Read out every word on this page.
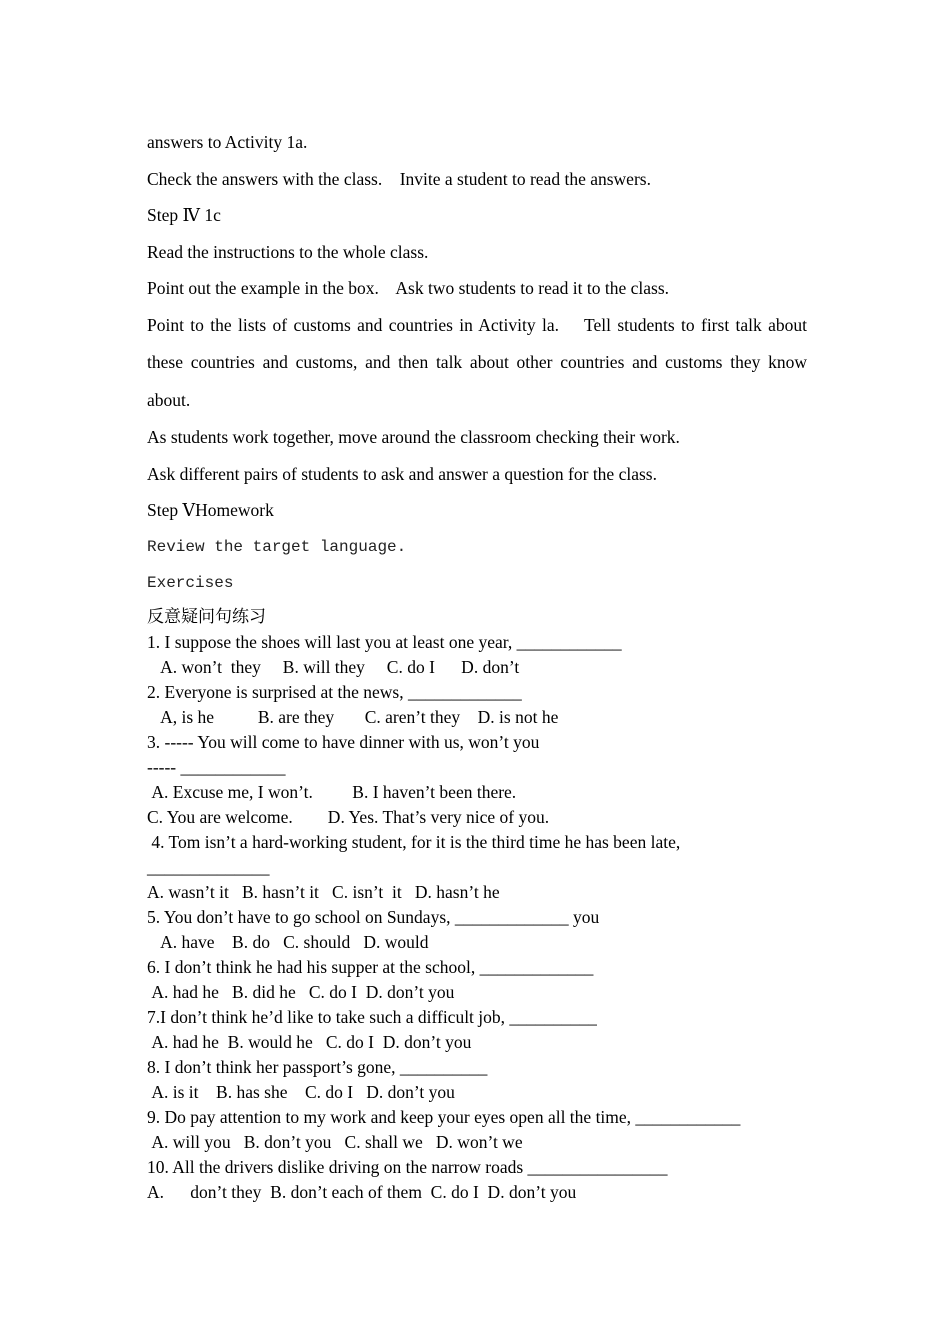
answers to Activity 1a.

Check the answers with the class.    Invite a student to read the answers.

Step Ⅳ 1c

Read the instructions to the whole class.

Point out the example in the box.    Ask two students to read it to the class.

Point to the lists of customs and countries in Activity la.    Tell students to first talk about these countries and customs, and then talk about other countries and customs they know about.

As students work together, move around the classroom checking their work.

Ask different pairs of students to ask and answer a question for the class.

Step ⅤHomework

Review the target language.

Exercises

反意疑问句练习

1. I suppose the shoes will last you at least one year, ____________

A. won’t  they     B. will they     C. do I      D. don’t

2. Everyone is surprised at the news, _____________

A, is he          B. are they       C. aren’t they    D. is not he

3. ----- You will come to have dinner with us, won’t you

----- ____________

A. Excuse me, I won’t.         B. I haven’t been there.

C. You are welcome.        D. Yes. That’s very nice of you.

4. Tom isn’t a hard-working student, for it is the third time he has been late,

______________

A. wasn’t it   B. hasn’t it   C. isn’t  it   D. hasn’t he

5. You don’t have to go school on Sundays, _____________ you

A. have    B. do   C. should   D. would

6. I don’t think he had his supper at the school, _____________

A. had he   B. did he   C. do I  D. don’t you

7.I don’t think he’d like to take such a difficult job, __________

A. had he  B. would he   C. do I  D. don’t you

8. I don’t think her passport’s gone, __________

A. is it    B. has she    C. do I   D. don’t you

9. Do pay attention to my work and keep your eyes open all the time, ____________

A. will you   B. don’t you   C. shall we   D. won’t we

10. All the drivers dislike driving on the narrow roads ________________

A.      don’t they  B. don’t each of them  C. do I  D. don’t you
